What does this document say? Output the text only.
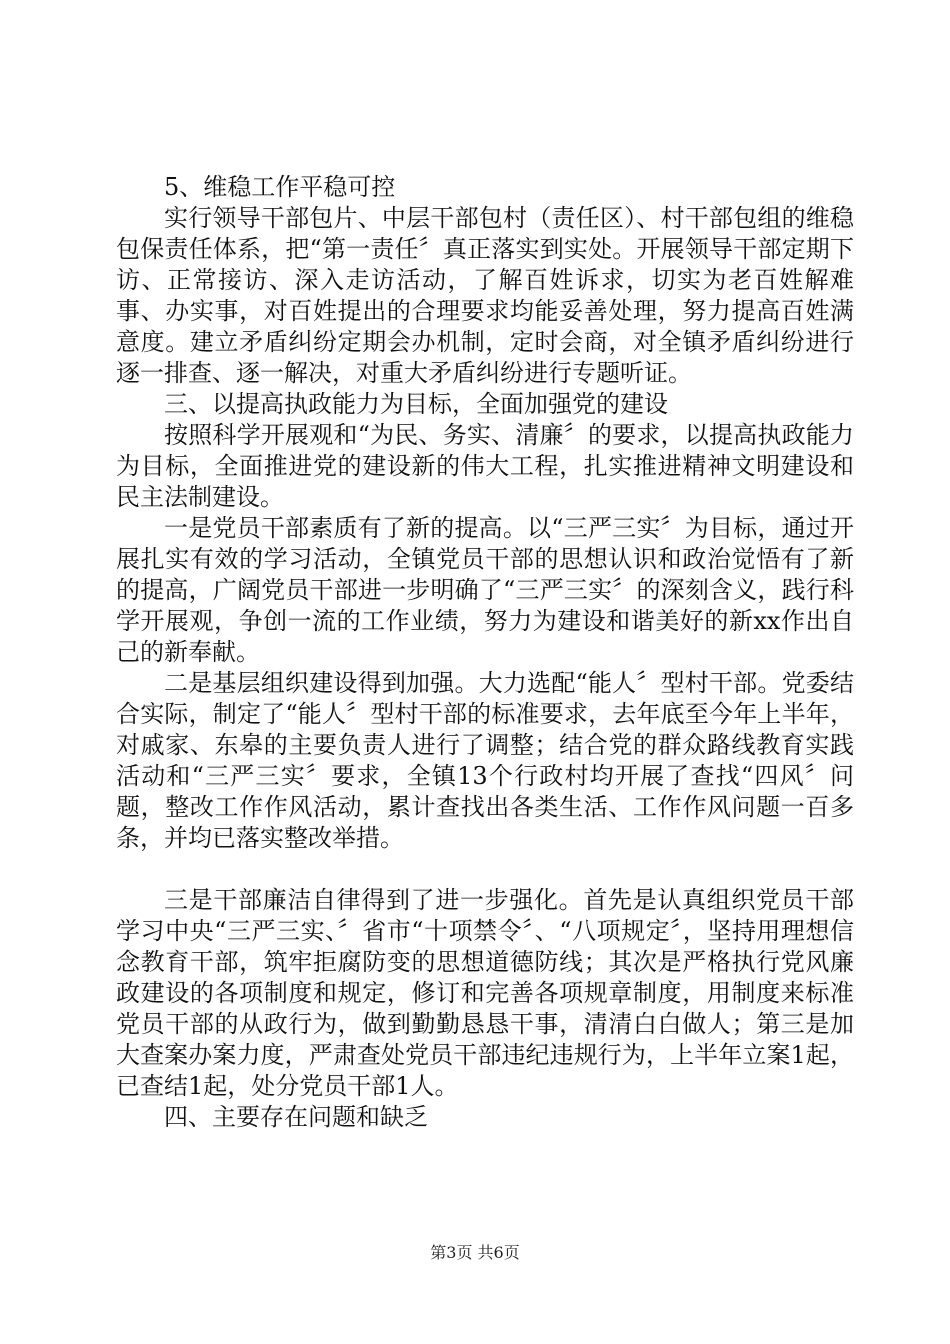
5、维稳工作平稳可控

实行领导干部包片、中层干部包村（责任区）、村干部包组的维稳包保责任体系，把“第一责任〞真正落实到实处。开展领导干部定期下访、正常接访、深入走访活动，了解百姓诉求，切实为老百姓解难事、办实事，对百姓提出的合理要求均能妥善处理，努力提高百姓满意度。建立矛盾纠纷定期会办机制，定时会商，对全镇矛盾纠纷进行逐一排查、逐一解决，对重大矛盾纠纷进行专题听证。

三、以提高执政能力为目标，全面加强党的建设

按照科学开展观和“为民、务实、清廉〞的要求，以提高执政能力为目标，全面推进党的建设新的伟大工程，扎实推进精神文明建设和民主法制建设。

一是党员干部素质有了新的提高。以“三严三实〞为目标，通过开展扎实有效的学习活动，全镇党员干部的思想认识和政治觉悟有了新的提高，广阔党员干部进一步明确了“三严三实〞的深刻含义，践行科学开展观，争创一流的工作业绩，努力为建设和谐美好的新xx作出自己的新奉献。

二是基层组织建设得到加强。大力选配“能人〞型村干部。党委结合实际，制定了“能人〞型村干部的标准要求，去年底至今年上半年，对戚家、东皋的主要负责人进行了调整；结合党的群众路线教育实践活动和“三严三实〞要求，全镇13个行政村均开展了查找“四风〞问题，整改工作作风活动，累计查找出各类生活、工作作风问题一百多条，并均已落实整改举措。

三是干部廉洁自律得到了进一步强化。首先是认真组织党员干部学习中央“三严三实、〞省市“十项禁令〞、“八项规定〞，坚持用理想信念教育干部，筑牢拒腐防变的思想道德防线；其次是严格执行党风廉政建设的各项制度和规定，修订和完善各项规章制度，用制度来标准党员干部的从政行为，做到勤勤恳恳干事，清清白白做人；第三是加大查案办案力度，严肃查处党员干部违纪违规行为，上半年立案1起，已查结1起，处分党员干部1人。

四、主要存在问题和缺乏

第3页 共6页
